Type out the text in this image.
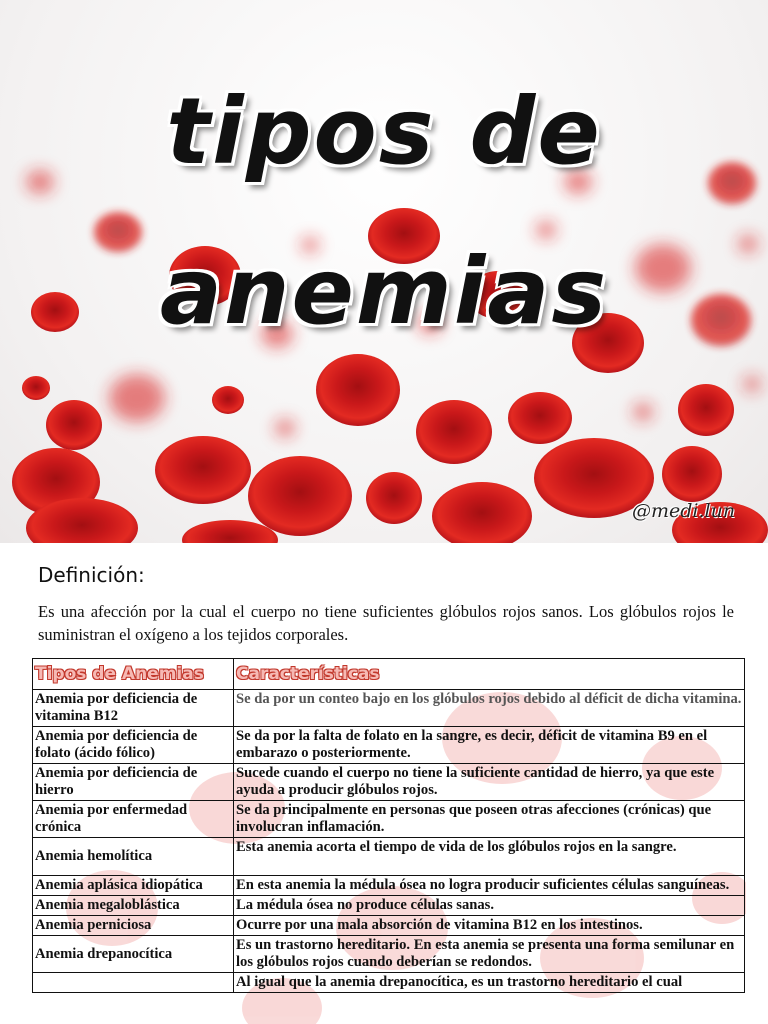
tipos de
anemias
@medi.lun
Definición:
Es una afección por la cual el cuerpo no tiene suficientes glóbulos rojos sanos. Los glóbulos rojos le suministran el oxígeno a los tejidos corporales.
Tipos de Anemias	Características
Anemia por deficiencia de vitamina B12	Se da por un conteo bajo en los glóbulos rojos debido al déficit de dicha vitamina.
Anemia por deficiencia de folato (ácido fólico)	Se da por la falta de folato en la sangre, es decir, déficit de vitamina B9 en el embarazo o posteriormente.
Anemia por deficiencia de hierro	Sucede cuando el cuerpo no tiene la suficiente cantidad de hierro, ya que este ayuda a producir glóbulos rojos.
Anemia por enfermedad crónica	Se da principalmente en personas que poseen otras afecciones (crónicas) que involucran inflamación.
Anemia hemolítica	Esta anemia acorta el tiempo de vida de los glóbulos rojos en la sangre.
Anemia aplásica idiopática	En esta anemia la médula ósea no logra producir suficientes células sanguíneas.
Anemia megaloblástica	La médula ósea no produce células sanas.
Anemia perniciosa	Ocurre por una mala absorción de vitamina B12 en los intestinos.
Anemia drepanocítica	Es un trastorno hereditario. En esta anemia se presenta una forma semilunar en los glóbulos rojos cuando deberían se redondos.
	Al igual que la anemia drepanocítica, es un trastorno hereditario el cual
